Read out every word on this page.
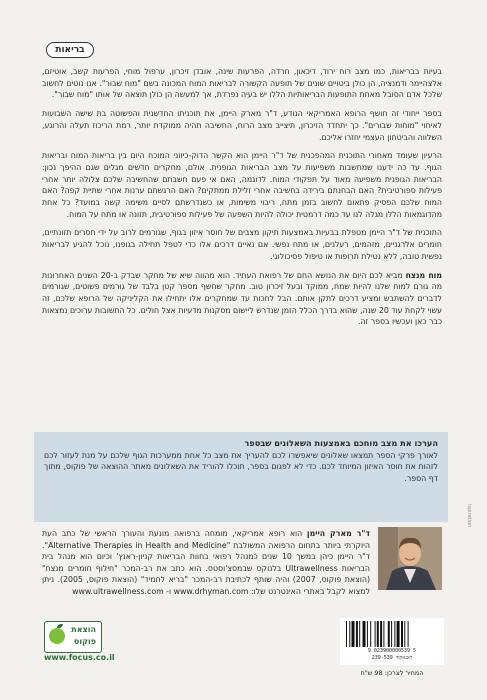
בריאות

בעיות בבריאות, כמו מצב רוח ירוד, דיכאון, חרדה, הפרעות שינה, אובדן זיכרון, ערפול מוחי, הפרעות קשב, אוטיזם, אלצהיימר ודמנציה, הן כולן ביטויים שונים של תופעה הקשורה לבריאות המוח המכונה בשם "מוח שבור". אנו נוטים לחשוב שלכל אדם הסובל מאחת התופעות הבריאותיות הללו יש בעיה נפרדת, אך למעשה הן כולן תוצאה של אותו "מוח שבור".

בספר ייחודי זה חושף הרופא האמריקאי הנודע, ד"ר מארק היימן, את תוכניתו החדשנית והפשוטה בת שישה השבועות לאיחוי "מוחות שבורים". כך יתחדד הזיכרון, תיצייב מצב הרוח, החשיבה תהיה ממוקדת יותר, רמת הריכוז תעלה והרוגע, השלווה והביטחון העצמי יחזרו אליכם.

הרעיון שעומד מאחורי התוכנית המהפכנית של ד"ר היימן הוא הקשר הדוק-כיווני המוכח היום בין בריאות המוח ובריאות הגוף. עד כה ידענו שמחשבות משפיעות על מצב הבריאות הגופנית. אולם, מחקרים חדשים מגלים שגם ההיפך נכון: הבריאות הגופנית משפיעה מאוד על תפקודי המוח. לדוגמה, האם אי פעם חשבתם שהחשיבה שלכם צלולה יותר אחרי פעילות ספורטיבית? האם הבחנתם בירידה בחשיבה אחרי זלילת ממתקים? האם הרגשתם ערנות אחרי שתיית קפה? האם המוח שלכם הפסיק פתאום לחשוב בזמן מתח, ריבוי משימות, או כשנדרשתם לסיים משימה קשה במועד? כל אחת מהדוגמאות הללו מגלה לנו עד כמה דרמטית יכולה להיות השפעה של פעילות ספורטיבית, תזונה או מתח על המוח.

התוכנית של ד"ר היימן מטפלת בבעיות באמצעות תיקון מצבים של חוסר איזון בגוף, שגורמים לרוב על ידי חסרים תזונתיים, חומרים אלרגניים, מזהמים, רעלנים, או מתח נפשי. אם נאיים דרכים אלו כדי לטפל תחילה בגופנו, נוכל להגיע לבריאות נפשית טובה, ללא נטילת תרופות או טיפול פסיכולוגי.

מוח מנצח מביא לכם היום את הנושא החם של רפואת העתיד. הוא מהווה שיא של מחקר שבדק ב-20 השנים האחרונות מה גורם למוח שלנו להיות שמח, ממוקד ובעל זיכרון טוב. מחקר שחשף מספר קטן בלבד של גורמים פשוטים, שגורמים לדברים להשתבש ומציע דרכים לתקן אותם. הבל לחכות עד שמחקרים אלו יתחילו את הקליניקה של הרופא שלכם, זה עשוי לקחת עוד 20 שנה, שהוא בדרך הכלל הזמן שנדרש ליישום מסקנות מדעיות אצל חולים. כל התשובות ערוכים נמצאות כבר כאן ועכשיו בספר זה.

ispiration
הערכו את מצב מוחכם באמצעות השאלונים שבספר
לאורך פרקי הספר תמצאו שאלונים שיאפשרו לכם להעריך את מצב כל אחת ממערכות הגוף שלכם על מנת לעזור לכם לזהות את חוסר האיזון המיוחד לכם. כדי לא לפגום בספר, תוכלו להוריד את השאלונים מאתר ההוצאה של פוקוס, מתוך דף הספר.
ד"ר מארק היימן הוא רופא אמריקאי, מומחה ברפואה מונעת והעורך הראשי של כתב העת היוקרתי ביותר בתחום הרפואה המשולבת "Alternative Therapies in Health and Medicine". ד"ר היימן כיהן במשך 10 שנים כמנהל רפואי בחוות הבריאות קניון-ראנץ' וכיום הוא מנהל בית הבריאות Ultrawellness בלנוקס שבמסצ'וסטס. הוא כתב את רב-המכר "חילוף חומרים מנצח" (הוצאת פוקוס, 2007) והיה שותף לכתיבת רב-המכר "בריא לחמיד" (הוצאת פוקוס, 2005). ניתן למצוא לקבל באתרי האינטרנט שלו: www.drhyman.com ו- www.ultrawellness.com
הוצאת
פוקוס
www.focus.co.il
9 023900000539 5
דאנאקוד 239-539
המחיר לצרכן: 98 ש"ח
